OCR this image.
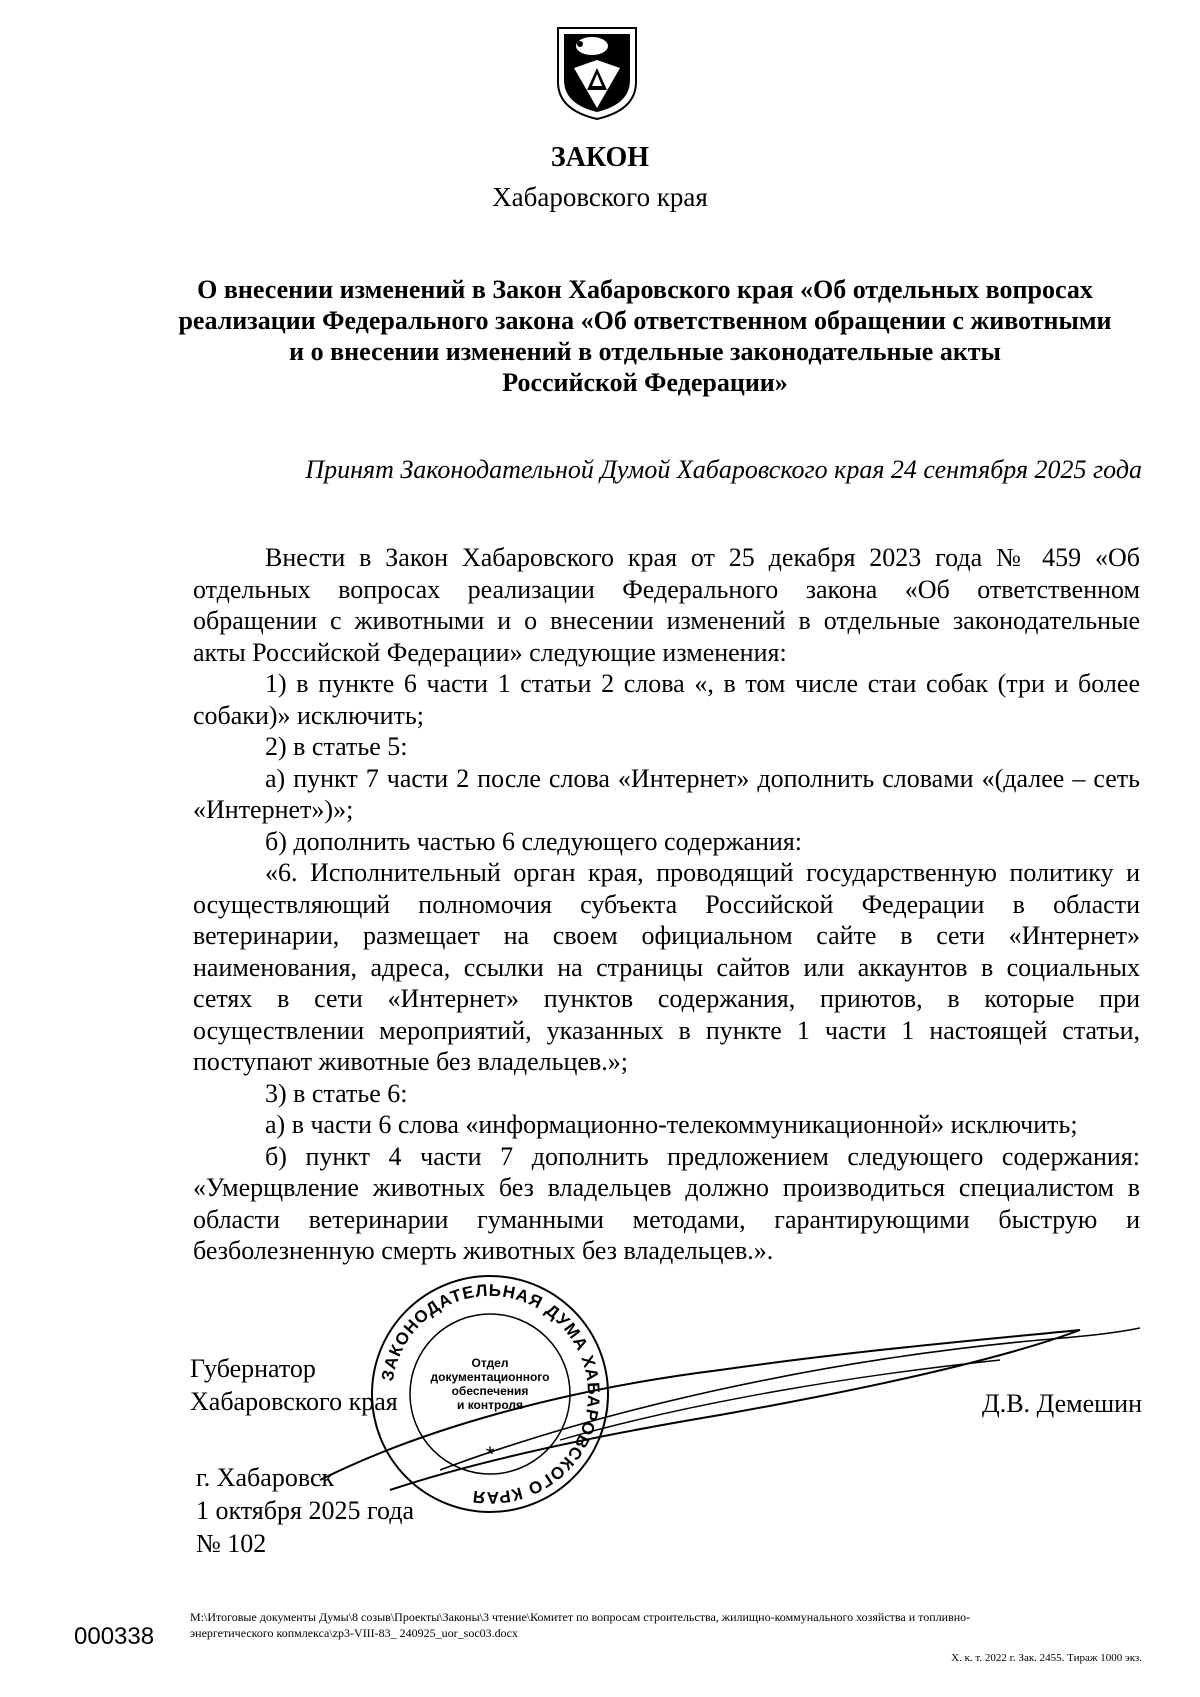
ЗАКОН
Хабаровского края
О внесении изменений в Закон Хабаровского края «Об отдельных вопросах
реализации Федерального закона «Об ответственном обращении с животными
и о внесении изменений в отдельные законодательные акты
Российской Федерации»
Принят Законодательной Думой Хабаровского края 24 сентября 2025 года

Внести в Закон Хабаровского края от 25 декабря 2023 года № 459 «Об отдельных вопросах реализации Федерального закона «Об ответственном обращении с животными и о внесении изменений в отдельные законодательные акты Российской Федерации» следующие изменения:

1) в пункте 6 части 1 статьи 2 слова «, в том числе стаи собак (три и более собаки)» исключить;

2) в статье 5:

а) пункт 7 части 2 после слова «Интернет» дополнить словами «(далее – сеть «Интернет»)»;

б) дополнить частью 6 следующего содержания:

«6. Исполнительный орган края, проводящий государственную политику и осуществляющий полномочия субъекта Российской Федерации в области ветеринарии, размещает на своем официальном сайте в сети «Интернет» наименования, адреса, ссылки на страницы сайтов или аккаунтов в социальных сетях в сети «Интернет» пунктов содержания, приютов, в которые при осуществлении мероприятий, указанных в пункте 1 части 1 настоящей статьи, поступают животные без владельцев.»;

3) в статье 6:

а) в части 6 слова «информационно-телекоммуникационной» исключить;

б) пункт 4 части 7 дополнить предложением следующего содержания: «Умерщвление животных без владельцев должно производиться специалистом в области ветеринарии гуманными методами, гарантирующими быструю и безболезненную смерть животных без владельцев.».

Губернатор
Хабаровского края	Д.В. Демешин
г. Хабаровск
1 октября 2025 года
№ 102
ЗАКОНОДАТЕЛЬНАЯ ДУМА ХАБАРОВСКОГО КРАЯ
Отдел
документационного
обеспечения
и контроля
*
000338
М:\Итоговые документы Думы\8 созыв\Проекты\Законы\3 чтение\Комитет по вопросам строительства, жилищно-коммунального хозяйства и топливно-
энергетического копмлекса\zp3-VIII-83_ 240925_uor_soc03.docx
Х. к. т. 2022 г. Зак. 2455. Тираж 1000 экз.
